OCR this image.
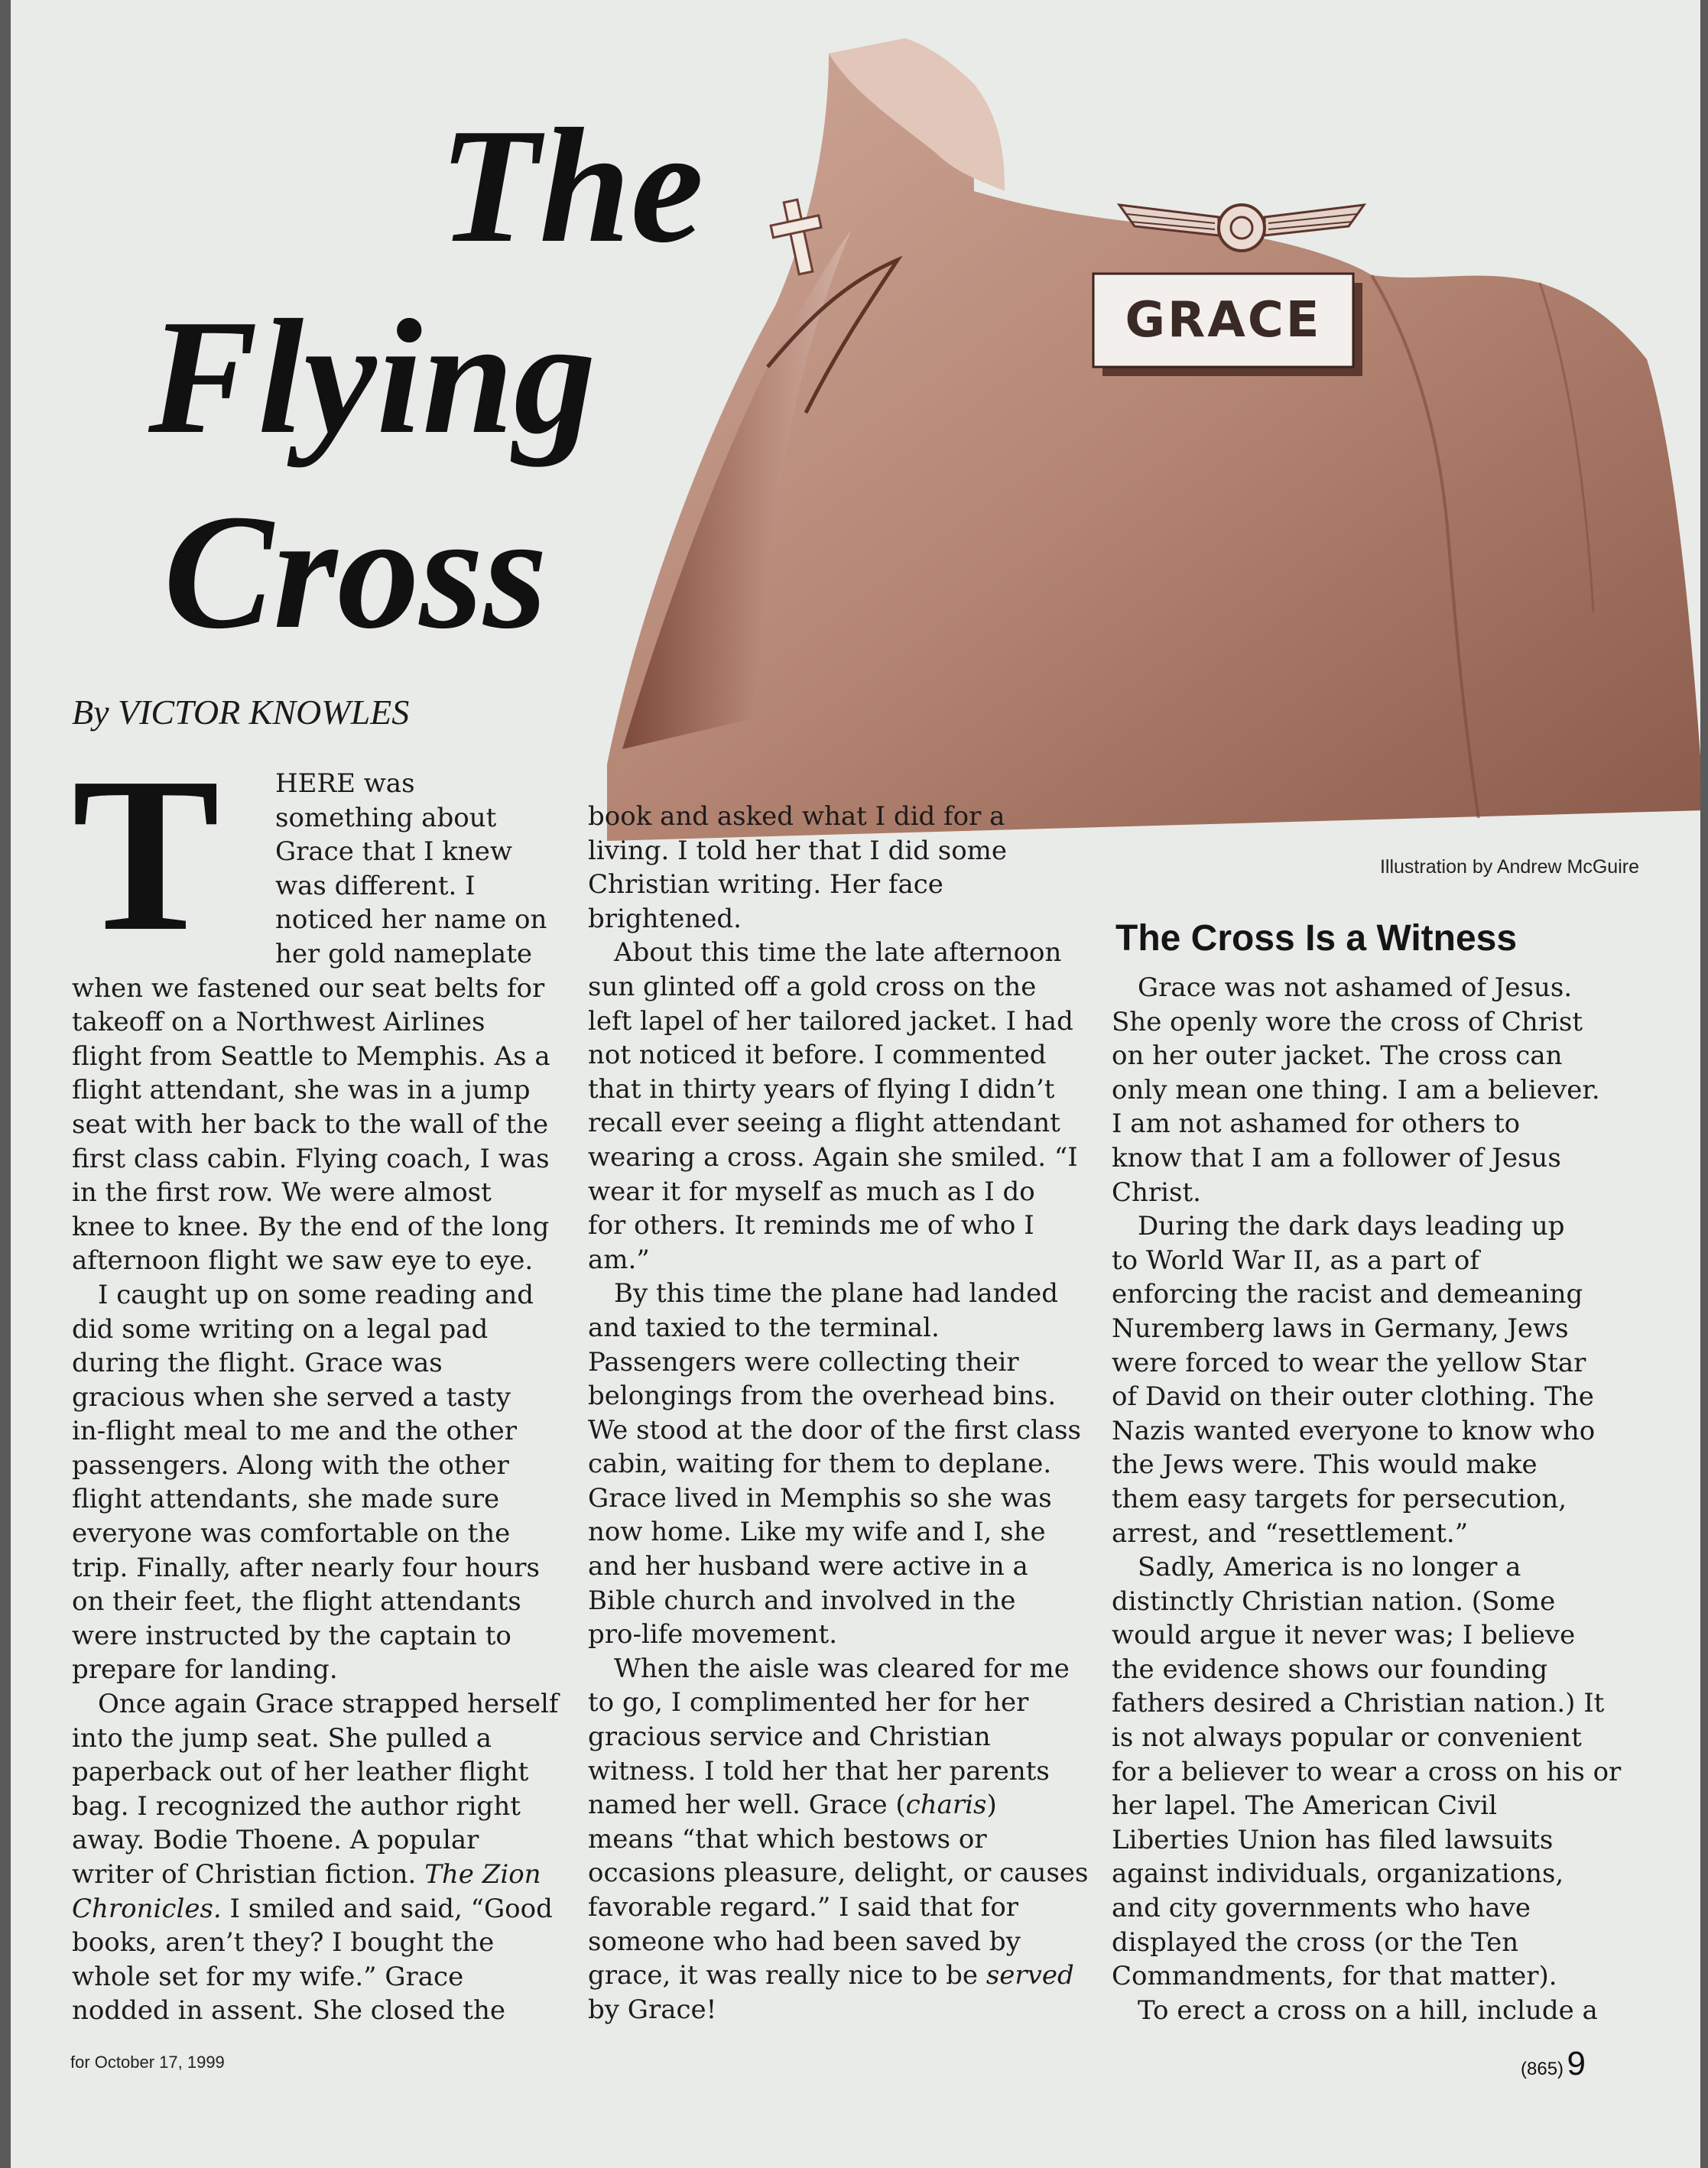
GRACE
The
Flying
Cross

By VICTOR KNOWLES

Illustration by Andrew McGuire

T HERE was
something about
Grace that I knew
was different. I
noticed her name on
her gold nameplate

when we fastened our seat belts for
takeoff on a Northwest Airlines
flight from Seattle to Memphis. As a
flight attendant, she was in a jump
seat with her back to the wall of the
first class cabin. Flying coach, I was
in the first row. We were almost
knee to knee. By the end of the long
afternoon flight we saw eye to eye.

I caught up on some reading and
did some writing on a legal pad
during the flight. Grace was
gracious when she served a tasty
in-flight meal to me and the other
passengers. Along with the other
flight attendants, she made sure
everyone was comfortable on the
trip. Finally, after nearly four hours
on their feet, the flight attendants
were instructed by the captain to
prepare for landing.

Once again Grace strapped herself
into the jump seat. She pulled a
paperback out of her leather flight
bag. I recognized the author right
away. Bodie Thoene. A popular
writer of Christian fiction. The Zion
Chronicles. I smiled and said, “Good
books, aren’t they? I bought the
whole set for my wife.” Grace
nodded in assent. She closed the

book and asked what I did for a
living. I told her that I did some
Christian writing. Her face
brightened.

About this time the late afternoon
sun glinted off a gold cross on the
left lapel of her tailored jacket. I had
not noticed it before. I commented
that in thirty years of flying I didn’t
recall ever seeing a flight attendant
wearing a cross. Again she smiled. “I
wear it for myself as much as I do
for others. It reminds me of who I
am.”

By this time the plane had landed
and taxied to the terminal.
Passengers were collecting their
belongings from the overhead bins.
We stood at the door of the first class
cabin, waiting for them to deplane.
Grace lived in Memphis so she was
now home. Like my wife and I, she
and her husband were active in a
Bible church and involved in the
pro-life movement.

When the aisle was cleared for me
to go, I complimented her for her
gracious service and Christian
witness. I told her that her parents
named her well. Grace (charis)
means “that which bestows or
occasions pleasure, delight, or causes
favorable regard.” I said that for
someone who had been saved by
grace, it was really nice to be served
by Grace!

The Cross Is a Witness

Grace was not ashamed of Jesus.
She openly wore the cross of Christ
on her outer jacket. The cross can
only mean one thing. I am a believer.
I am not ashamed for others to
know that I am a follower of Jesus
Christ.

During the dark days leading up
to World War II, as a part of
enforcing the racist and demeaning
Nuremberg laws in Germany, Jews
were forced to wear the yellow Star
of David on their outer clothing. The
Nazis wanted everyone to know who
the Jews were. This would make
them easy targets for persecution,
arrest, and “resettlement.”

Sadly, America is no longer a
distinctly Christian nation. (Some
would argue it never was; I believe
the evidence shows our founding
fathers desired a Christian nation.) It
is not always popular or convenient
for a believer to wear a cross on his or
her lapel. The American Civil
Liberties Union has filed lawsuits
against individuals, organizations,
and city governments who have
displayed the cross (or the Ten
Commandments, for that matter).

To erect a cross on a hill, include a

for October 17, 1999	(865) 9
